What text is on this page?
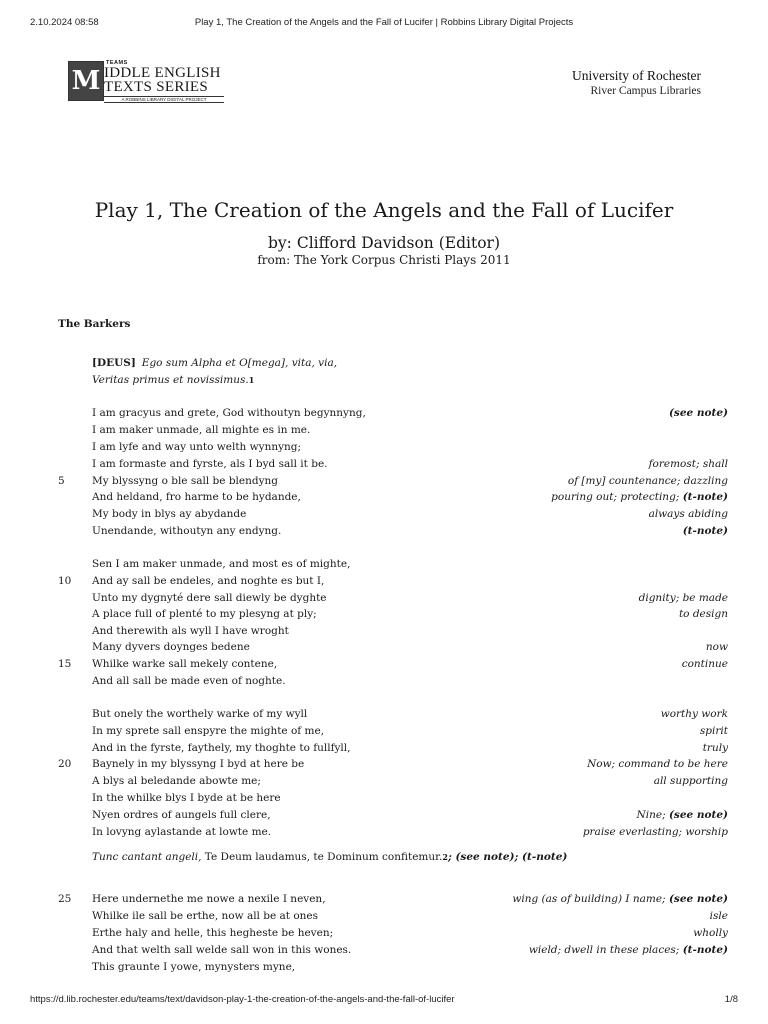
2.10.2024 08:58	Play 1, The Creation of the Angels and the Fall of Lucifer | Robbins Library Digital Projects
M
TEAMS
IDDLE ENGLISH
TEXTS SERIES
A ROBBINS LIBRARY DIGITAL PROJECT
University of Rochester
River Campus Libraries
Play 1, The Creation of the Angels and the Fall of Lucifer
by: Clifford Davidson (Editor)
from: The York Corpus Christi Plays 2011
The Barkers
[DEUS] Ego sum Alpha et O[mega], vita, via,
Veritas primus et novissimus.1
I am gracyus and grete, God withoutyn begynnyng,	(see note)
I am maker unmade, all mighte es in me.
I am lyfe and way unto welth wynnyng;
I am formaste and fyrste, als I byd sall it be.	foremost; shall
5	My blyssyng o ble sall be blendyng	of [my] countenance; dazzling
And heldand, fro harme to be hydande,	pouring out; protecting; (t-note)
My body in blys ay abydande	always abiding
Unendande, withoutyn any endyng.	(t-note)
Sen I am maker unmade, and most es of mighte,
10 And ay sall be endeles, and noghte es but I,
Unto my dygnyté dere sall diewly be dyghte	dignity; be made
A place full of plenté to my plesyng at ply;	to design
And therewith als wyll I have wroght
Many dyvers doynges bedene	now
15 Whilke warke sall mekely contene,	continue
And all sall be made even of noghte.
But onely the worthely warke of my wyll	worthy work
In my sprete sall enspyre the mighte of me,	spirit
And in the fyrste, faythely, my thoghte to fullfyll,	truly
20 Baynely in my blyssyng I byd at here be	Now; command to be here
A blys al beledande abowte me;	all supporting
In the whilke blys I byde at be here
Nyen ordres of aungels full clere,	Nine; (see note)
In lovyng aylastande at lowte me.	praise everlasting; worship
Tunc cantant angeli, Te Deum laudamus, te Dominum confitemur.2; (see note); (t-note)
25 Here undernethe me nowe a nexile I neven,	wing (as of building) I name; (see note)
Whilke ile sall be erthe, now all be at ones	isle
Erthe haly and helle, this hegheste be heven;	wholly
And that welth sall welde sall won in this wones.	wield; dwell in these places; (t-note)
This graunte I yowe, mynysters myne,
https://d.lib.rochester.edu/teams/text/davidson-play-1-the-creation-of-the-angels-and-the-fall-of-lucifer	1/8
